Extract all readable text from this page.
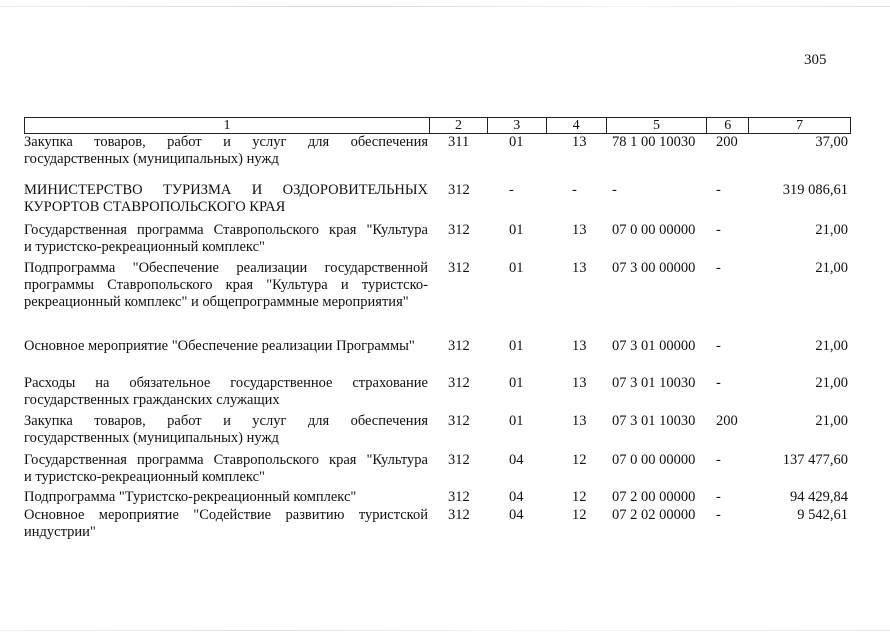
305
1	2	3	4	5	6	7
Закупка товаров, работ и услуг для обеспечения
государственных (муниципальных) нужд
311	01	13	78 1 00 10030	200	37,00
МИНИСТЕРСТВО ТУРИЗМА И ОЗДОРОВИТЕЛЬНЫХ
КУРОРТОВ СТАВРОПОЛЬСКОГО КРАЯ
312	-	-	-	-	319 086,61
Государственная программа Ставропольского края "Культура
и туристско-рекреационный комплекс"
312	01	13	07 0 00 00000	-	21,00
Подпрограмма "Обеспечение реализации государственной
программы Ставропольского края "Культура и туристско-
рекреационный комплекс" и общепрограммные мероприятия"
312	01	13	07 3 00 00000	-	21,00
Основное мероприятие "Обеспечение реализации Программы"	312	01	13	07 3 01 00000	-	21,00
Расходы на обязательное государственное страхование
государственных гражданских служащих
312	01	13	07 3 01 10030	-	21,00
Закупка товаров, работ и услуг для обеспечения
государственных (муниципальных) нужд
312	01	13	07 3 01 10030	200	21,00
Государственная программа Ставропольского края "Культура
и туристско-рекреационный комплекс"
312	04	12	07 0 00 00000	-	137 477,60
Подпрограмма "Туристско-рекреационный комплекс"	312	04	12	07 2 00 00000	-	94 429,84
Основное мероприятие "Содействие развитию туристской
индустрии"
312	04	12	07 2 02 00000	-	9 542,61
